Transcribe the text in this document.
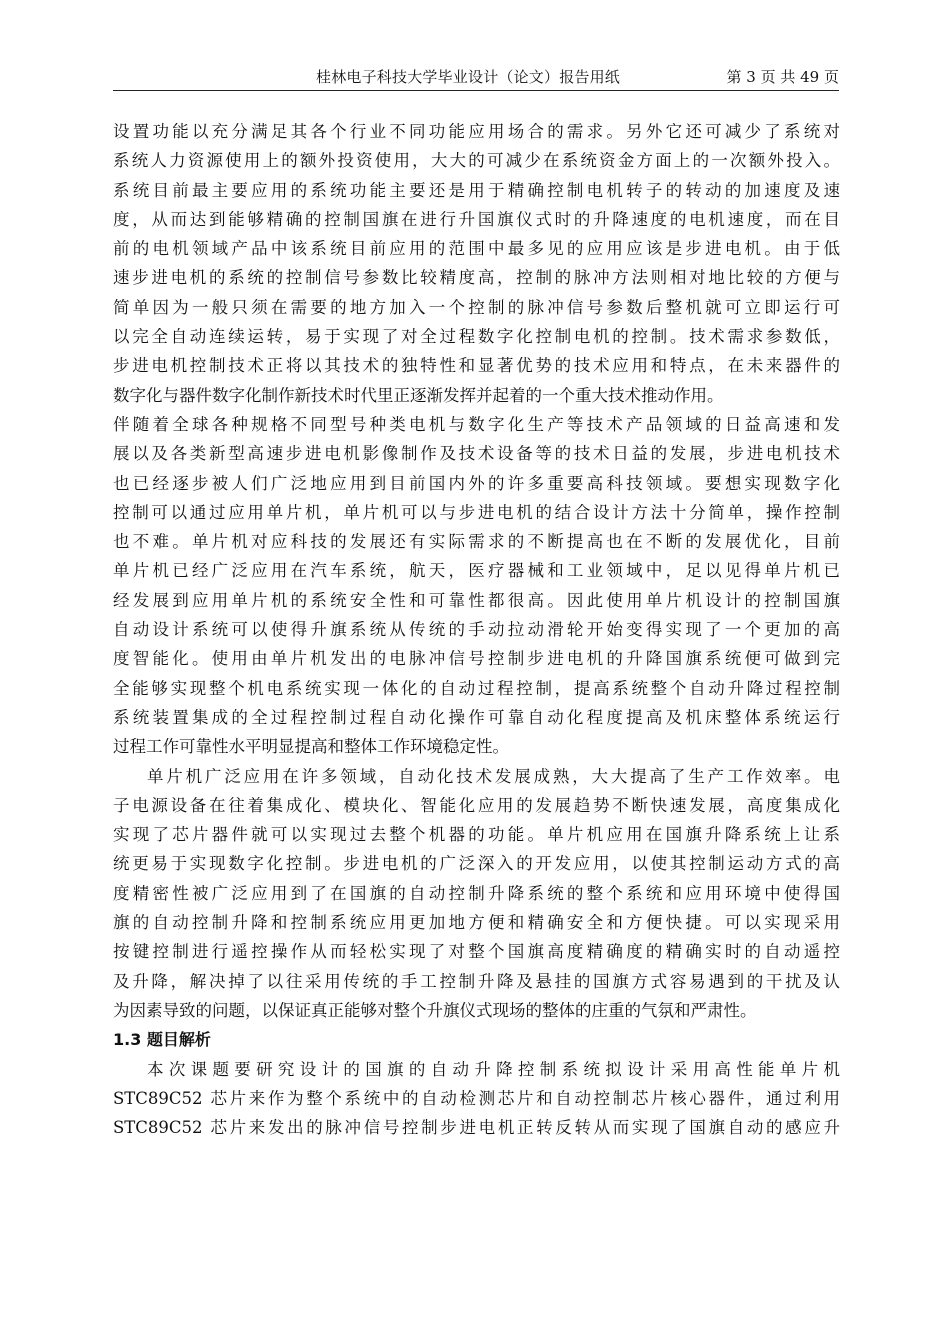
桂林电子科技大学毕业设计（论文）报告用纸	第 3 页 共 49 页
设置功能以充分满足其各个行业不同功能应用场合的需求。另外它还可减少了系统对
系统人力资源使用上的额外投资使用，大大的可减少在系统资金方面上的一次额外投入。
系统目前最主要应用的系统功能主要还是用于精确控制电机转子的转动的加速度及速
度，从而达到能够精确的控制国旗在进行升国旗仪式时的升降速度的电机速度，而在目
前的电机领域产品中该系统目前应用的范围中最多见的应用应该是步进电机。由于低
速步进电机的系统的控制信号参数比较精度高，控制的脉冲方法则相对地比较的方便与
简单因为一般只须在需要的地方加入一个控制的脉冲信号参数后整机就可立即运行可
以完全自动连续运转，易于实现了对全过程数字化控制电机的控制。技术需求参数低，
步进电机控制技术正将以其技术的独特性和显著优势的技术应用和特点，在未来器件的
数字化与器件数字化制作新技术时代里正逐渐发挥并起着的一个重大技术推动作用。
伴随着全球各种规格不同型号种类电机与数字化生产等技术产品领域的日益高速和发
展以及各类新型高速步进电机影像制作及技术设备等的技术日益的发展，步进电机技术
也已经逐步被人们广泛地应用到目前国内外的许多重要高科技领域。要想实现数字化
控制可以通过应用单片机，单片机可以与步进电机的结合设计方法十分简单，操作控制
也不难。单片机对应科技的发展还有实际需求的不断提高也在不断的发展优化，目前
单片机已经广泛应用在汽车系统，航天，医疗器械和工业领域中，足以见得单片机已
经发展到应用单片机的系统安全性和可靠性都很高。因此使用单片机设计的控制国旗
自动设计系统可以使得升旗系统从传统的手动拉动滑轮开始变得实现了一个更加的高
度智能化。使用由单片机发出的电脉冲信号控制步进电机的升降国旗系统便可做到完
全能够实现整个机电系统实现一体化的自动过程控制，提高系统整个自动升降过程控制
系统装置集成的全过程控制过程自动化操作可靠自动化程度提高及机床整体系统运行
过程工作可靠性水平明显提高和整体工作环境稳定性。
单片机广泛应用在许多领域，自动化技术发展成熟，大大提高了生产工作效率。电
子电源设备在往着集成化、模块化、智能化应用的发展趋势不断快速发展，高度集成化
实现了芯片器件就可以实现过去整个机器的功能。单片机应用在国旗升降系统上让系
统更易于实现数字化控制。步进电机的广泛深入的开发应用，以使其控制运动方式的高
度精密性被广泛应用到了在国旗的自动控制升降系统的整个系统和应用环境中使得国
旗的自动控制升降和控制系统应用更加地方便和精确安全和方便快捷。可以实现采用
按键控制进行遥控操作从而轻松实现了对整个国旗高度精确度的精确实时的自动遥控
及升降，解决掉了以往采用传统的手工控制升降及悬挂的国旗方式容易遇到的干扰及认
为因素导致的问题，以保证真正能够对整个升旗仪式现场的整体的庄重的气氛和严肃性。
1.3 题目解析
本次课题要研究设计的国旗的自动升降控制系统拟设计采用高性能单片机
STC89C52 芯片来作为整个系统中的自动检测芯片和自动控制芯片核心器件，通过利用
STC89C52 芯片来发出的脉冲信号控制步进电机正转反转从而实现了国旗自动的感应升
